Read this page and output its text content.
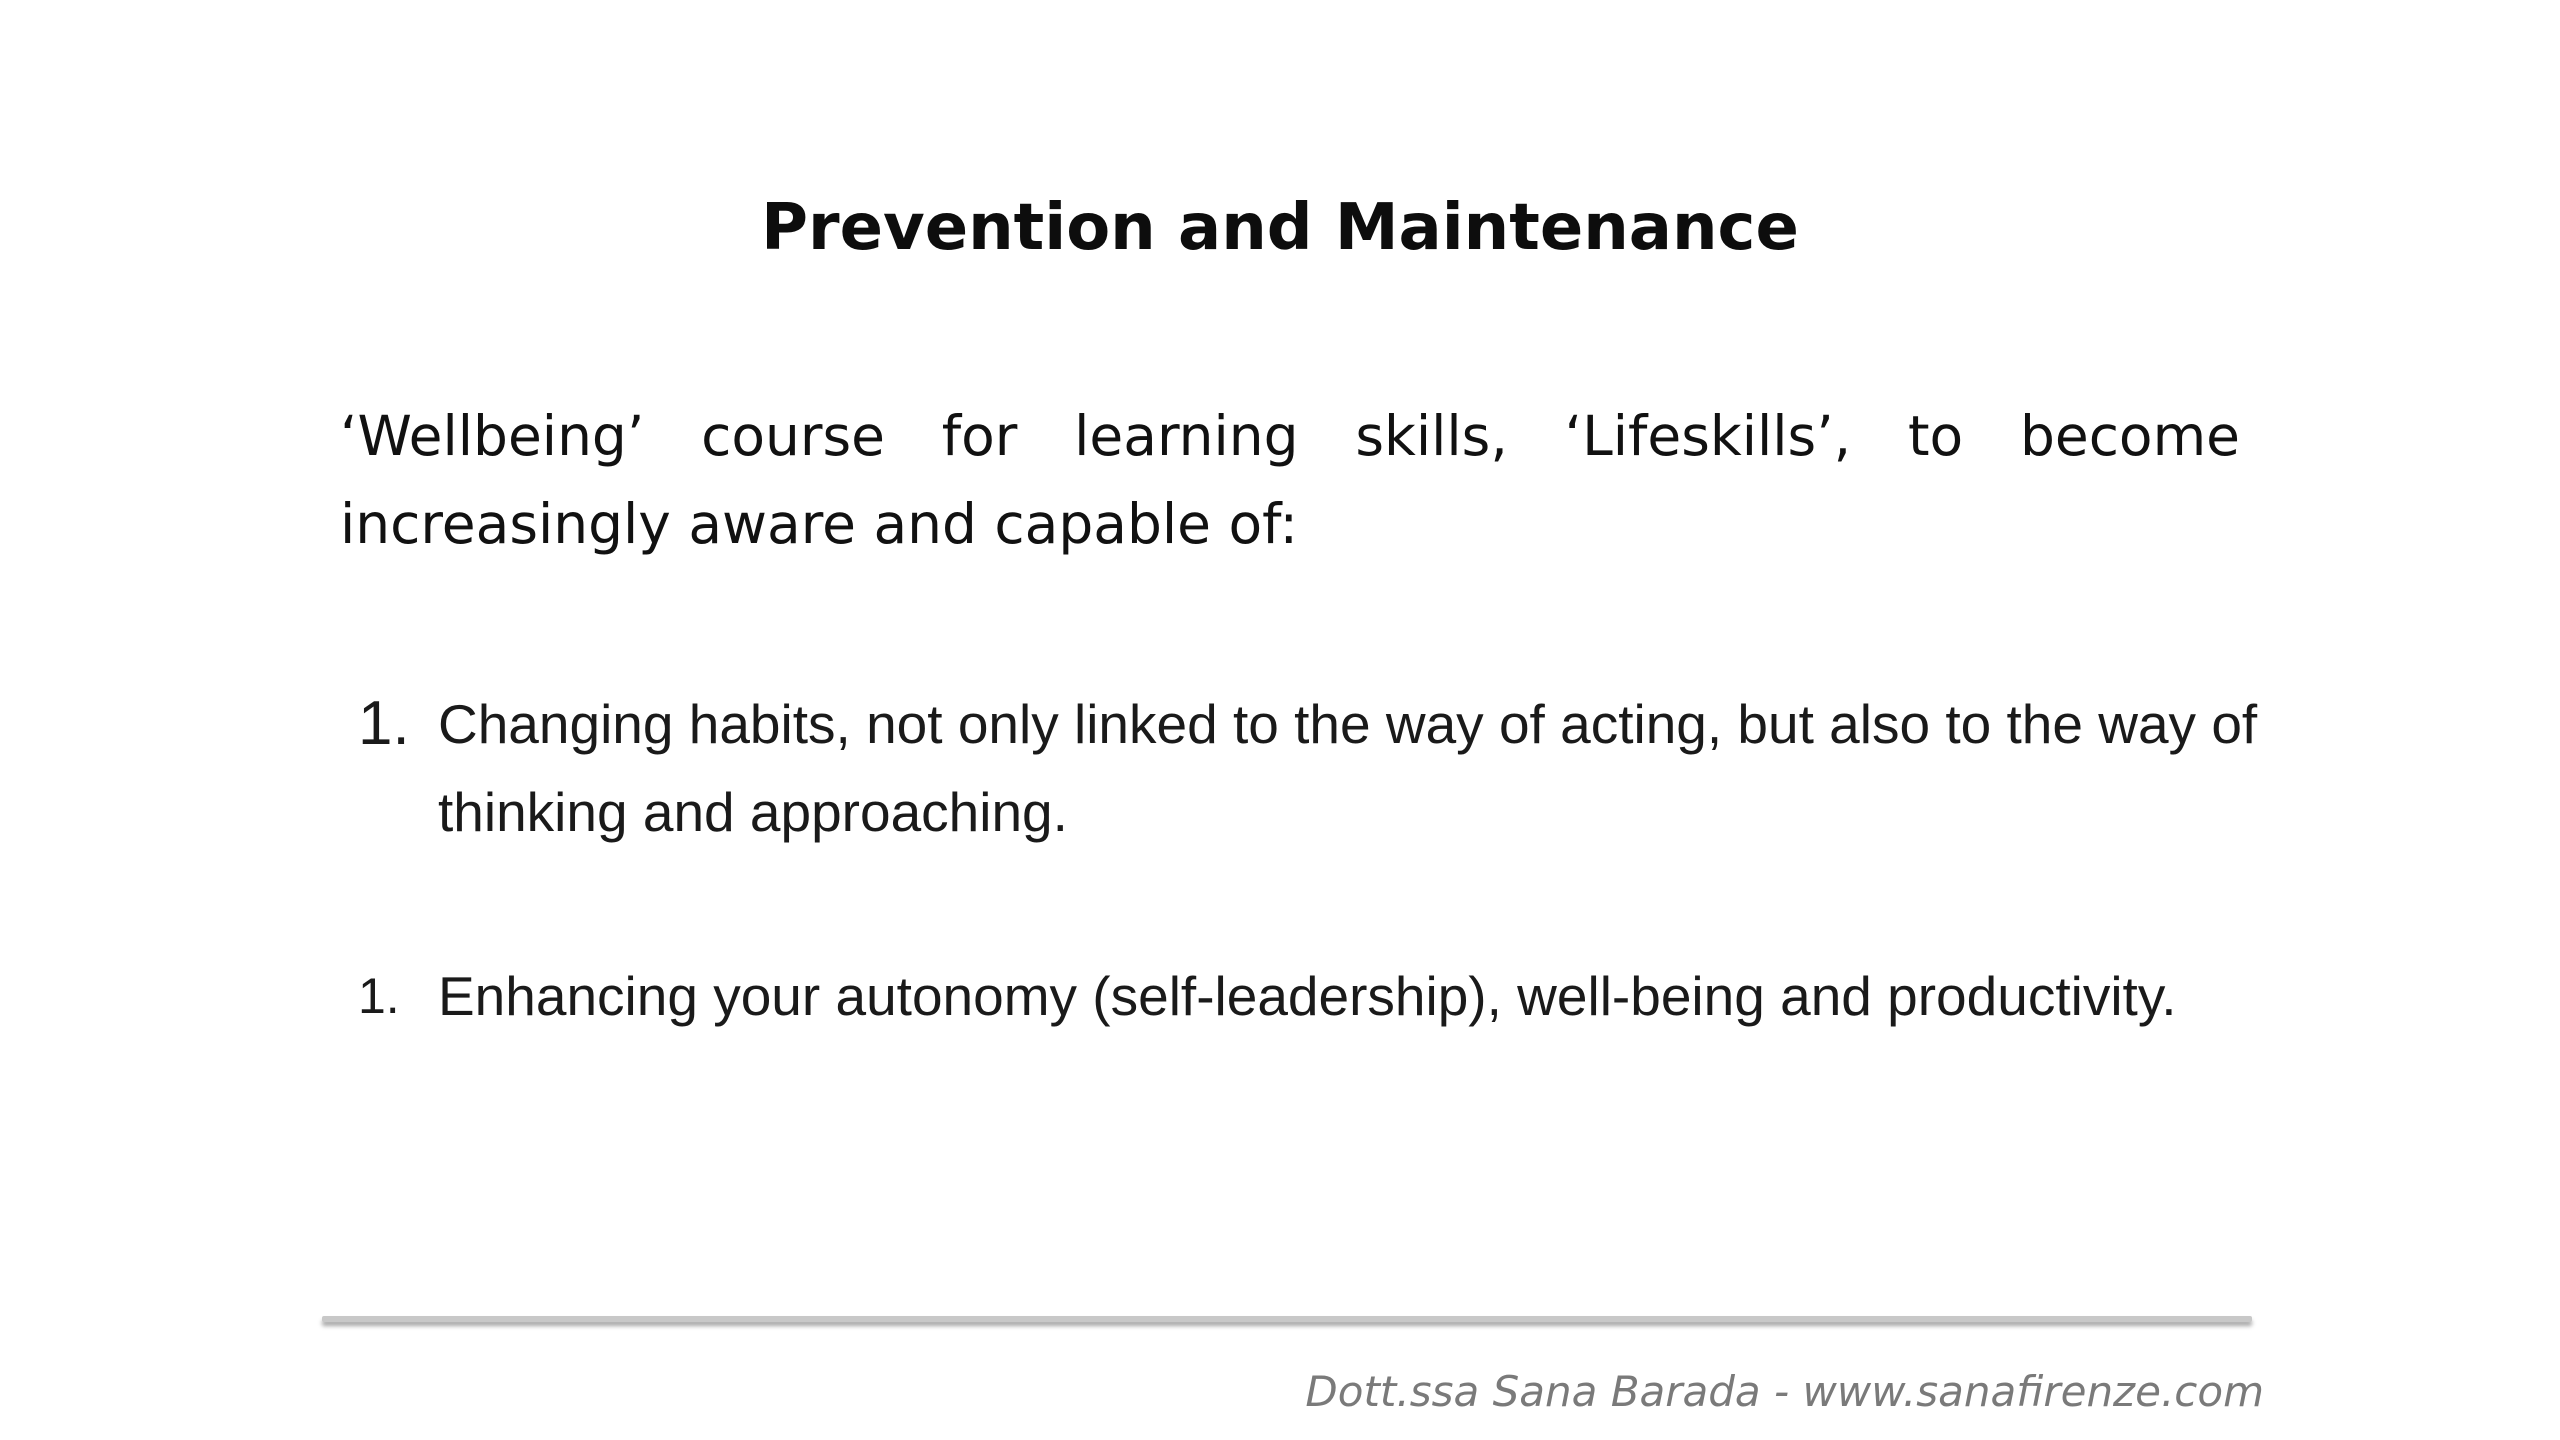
Prevention and Maintenance

‘Wellbeing’ course for learning skills, ‘Lifeskills’, to become increasingly aware and capable of:

1. Changing habits, not only linked to the way of acting, but also to the way of thinking and approaching.
1. Enhancing your autonomy (self-leadership), well-being and productivity.
Dott.ssa Sana Barada - www.sanafirenze.com
